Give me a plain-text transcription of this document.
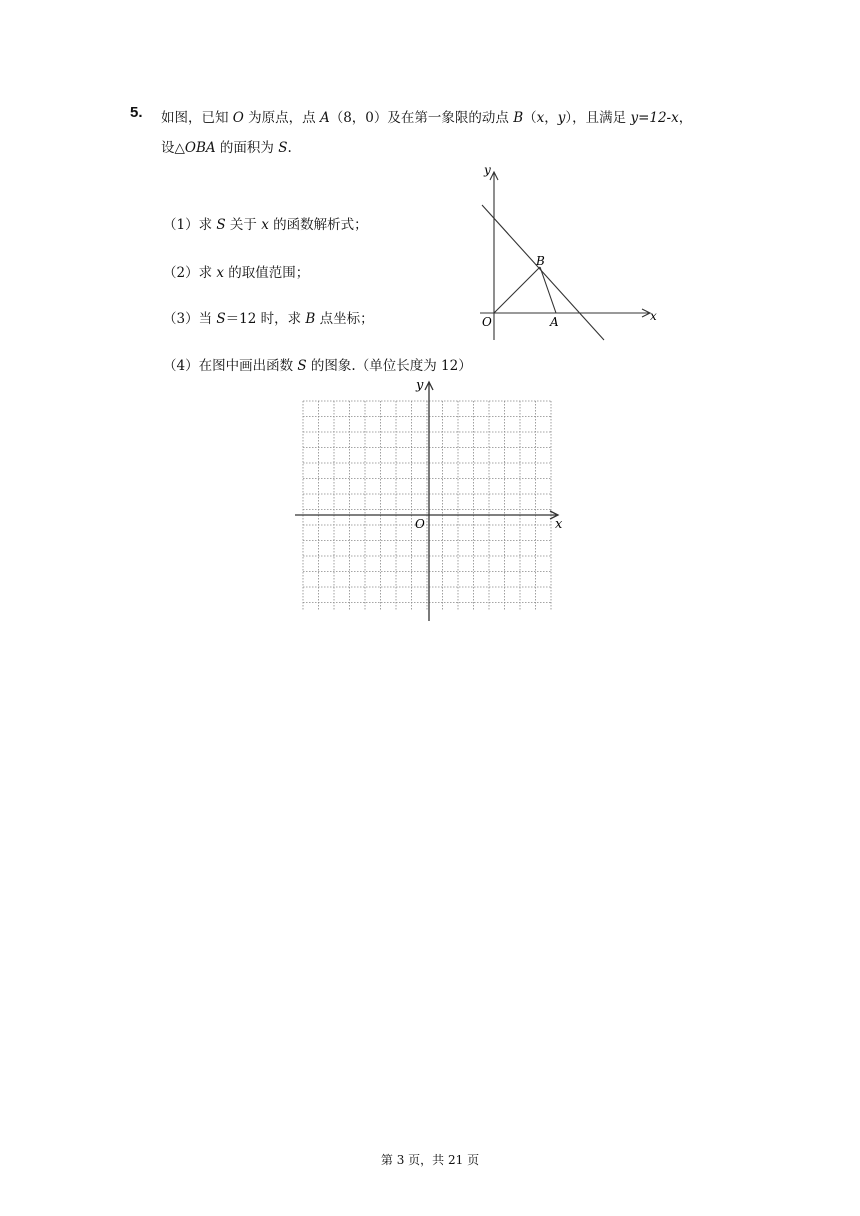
5. 如图，已知 O 为原点，点 A（8，0）及在第一象限的动点 B（x，y），且满足 y=12-x，
设△OBA 的面积为 S.
（1）求 S 关于 x 的函数解析式；
（2）求 x 的取值范围；
（3）当 S＝12 时，求 B 点坐标；
（4）在图中画出函数 S 的图象.（单位长度为 12）
y
x
O	A
B
y
x
O
第 3 页，共 21 页
